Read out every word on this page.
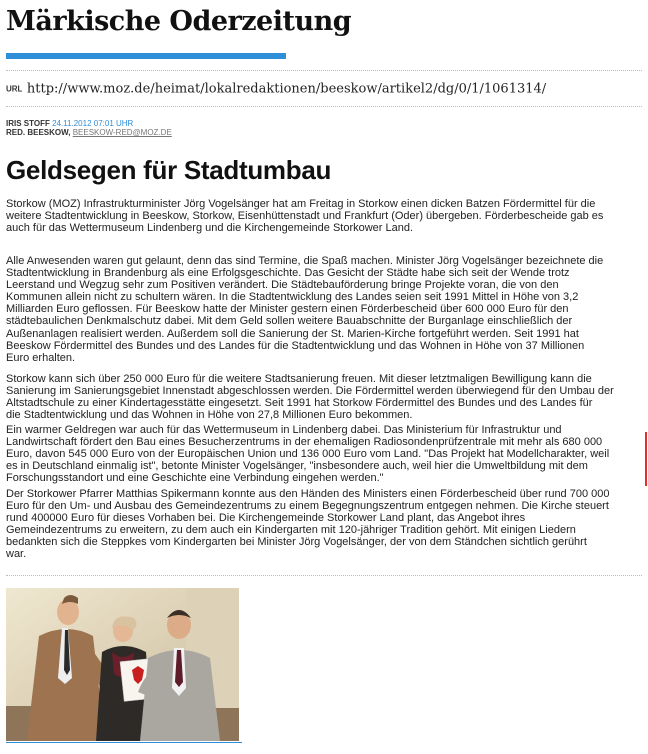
Märkische Oderzeitung
URL http://www.moz.de/heimat/lokalredaktionen/beeskow/artikel2/dg/0/1/1061314/
IRIS STOFF 24.11.2012 07:01 UHR
RED. BEESKOW, BEESKOW-RED@MOZ.DE
Geldsegen für Stadtumbau
Storkow (MOZ) Infrastrukturminister Jörg Vogelsänger hat am Freitag in Storkow einen dicken Batzen Fördermittel für die
weitere Stadtentwicklung in Beeskow, Storkow, Eisenhüttenstadt und Frankfurt (Oder) übergeben. Förderbescheide gab es
auch für das Wettermuseum Lindenberg und die Kirchengemeinde Storkower Land.
Alle Anwesenden waren gut gelaunt, denn das sind Termine, die Spaß machen. Minister Jörg Vogelsänger bezeichnete die
Stadtentwicklung in Brandenburg als eine Erfolgsgeschichte. Das Gesicht der Städte habe sich seit der Wende trotz
Leerstand und Wegzug sehr zum Positiven verändert. Die Städtebauförderung bringe Projekte voran, die von den
Kommunen allein nicht zu schultern wären. In die Stadtentwicklung des Landes seien seit 1991 Mittel in Höhe von 3,2
Milliarden Euro geflossen. Für Beeskow hatte der Minister gestern einen Förderbescheid über 600 000 Euro für den
städtebaulichen Denkmalschutz dabei. Mit dem Geld sollen weitere Bauabschnitte der Burganlage einschließlich der
Außenanlagen realisiert werden. Außerdem soll die Sanierung der St. Marien-Kirche fortgeführt werden. Seit 1991 hat
Beeskow Fördermittel des Bundes und des Landes für die Stadtentwicklung und das Wohnen in Höhe von 37 Millionen
Euro erhalten.
Storkow kann sich über 250 000 Euro für die weitere Stadtsanierung freuen. Mit dieser letztmaligen Bewilligung kann die
Sanierung im Sanierungsgebiet Innenstadt abgeschlossen werden. Die Fördermittel werden überwiegend für den Umbau der
Altstadtschule zu einer Kindertagesstätte eingesetzt. Seit 1991 hat Storkow Fördermittel des Bundes und des Landes für
die Stadtentwicklung und das Wohnen in Höhe von 27,8 Millionen Euro bekommen.
Ein warmer Geldregen war auch für das Wettermuseum in Lindenberg dabei. Das Ministerium für Infrastruktur und
Landwirtschaft fördert den Bau eines Besucherzentrums in der ehemaligen Radiosondenprüfzentrale mit mehr als 680 000
Euro, davon 545 000 Euro von der Europäischen Union und 136 000 Euro vom Land. "Das Projekt hat Modellcharakter, weil
es in Deutschland einmalig ist", betonte Minister Vogelsänger, "insbesondere auch, weil hier die Umweltbildung mit dem
Forschungsstandort und eine Geschichte eine Verbindung eingehen werden."
Der Storkower Pfarrer Matthias Spikermann konnte aus den Händen des Ministers einen Förderbescheid über rund 700 000
Euro für den Um- und Ausbau des Gemeindezentrums zu einem Begegnungszentrum entgegen nehmen. Die Kirche steuert
rund 400000 Euro für dieses Vorhaben bei. Die Kirchengemeinde Storkower Land plant, das Angebot ihres
Gemeindezentrums zu erweitern, zu dem auch ein Kindergarten mit 120-jähriger Tradition gehört. Mit einigen Liedern
bedankten sich die Steppkes vom Kindergarten bei Minister Jörg Vogelsänger, der von dem Ständchen sichtlich gerührt
war.
